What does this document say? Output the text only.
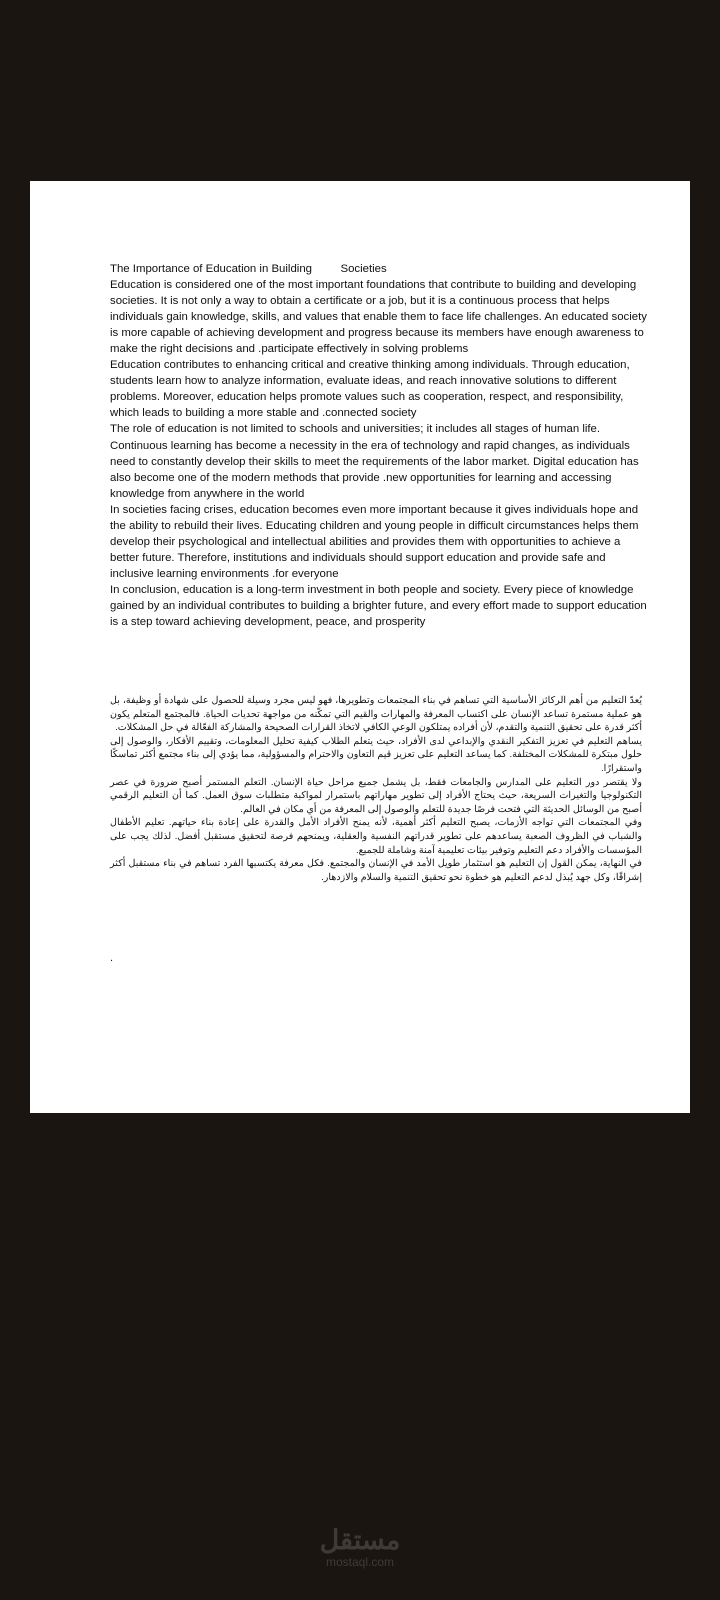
The Importance of Education in Building         Societies

Education is considered one of the most important foundations that contribute to building and developing societies. It is not only a way to obtain a certificate or a job, but it is a continuous process that helps individuals gain knowledge, skills, and values that enable them to face life challenges. An educated society is more capable of achieving development and progress because its members have enough awareness to make the right decisions and .participate effectively in solving problems

Education contributes to enhancing critical and creative thinking among individuals. Through education, students learn how to analyze information, evaluate ideas, and reach innovative solutions to different problems. Moreover, education helps promote values such as cooperation, respect, and responsibility, which leads to building a more stable and .connected society

The role of education is not limited to schools and universities; it includes all stages of human life. Continuous learning has become a necessity in the era of technology and rapid changes, as individuals need to constantly develop their skills to meet the requirements of the labor market. Digital education has also become one of the modern methods that provide .new opportunities for learning and accessing knowledge from anywhere in the world

In societies facing crises, education becomes even more important because it gives individuals hope and the ability to rebuild their lives. Educating children and young people in difficult circumstances helps them develop their psychological and intellectual abilities and provides them with opportunities to achieve a better future. Therefore, institutions and individuals should support education and provide safe and inclusive learning environments .for everyone

In conclusion, education is a long-term investment in both people and society. Every piece of knowledge gained by an individual contributes to building a brighter future, and every effort made to support education is a step toward achieving development, peace, and prosperity

يُعدّ التعليم من أهم الركائز الأساسية التي تساهم في بناء المجتمعات وتطويرها، فهو ليس مجرد وسيلة للحصول على شهادة أو وظيفة، بل هو عملية مستمرة تساعد الإنسان على اكتساب المعرفة والمهارات والقيم التي تمكّنه من مواجهة تحديات الحياة. فالمجتمع المتعلم يكون أكثر قدرة على تحقيق التنمية والتقدم، لأن أفراده يمتلكون الوعي الكافي لاتخاذ القرارات الصحيحة والمشاركة الفعّالة في حل المشكلات.

يساهم التعليم في تعزيز التفكير النقدي والإبداعي لدى الأفراد، حيث يتعلم الطلاب كيفية تحليل المعلومات، وتقييم الأفكار، والوصول إلى حلول مبتكرة للمشكلات المختلفة. كما يساعد التعليم على تعزيز قيم التعاون والاحترام والمسؤولية، مما يؤدي إلى بناء مجتمع أكثر تماسكًا واستقرارًا.

ولا يقتصر دور التعليم على المدارس والجامعات فقط، بل يشمل جميع مراحل حياة الإنسان. التعلم المستمر أصبح ضرورة في عصر التكنولوجيا والتغيرات السريعة، حيث يحتاج الأفراد إلى تطوير مهاراتهم باستمرار لمواكبة متطلبات سوق العمل. كما أن التعليم الرقمي أصبح من الوسائل الحديثة التي فتحت فرصًا جديدة للتعلم والوصول إلى المعرفة من أي مكان في العالم.

وفي المجتمعات التي تواجه الأزمات، يصبح التعليم أكثر أهمية، لأنه يمنح الأفراد الأمل والقدرة على إعادة بناء حياتهم. تعليم الأطفال والشباب في الظروف الصعبة يساعدهم على تطوير قدراتهم النفسية والعقلية، ويمنحهم فرصة لتحقيق مستقبل أفضل. لذلك يجب على المؤسسات والأفراد دعم التعليم وتوفير بيئات تعليمية آمنة وشاملة للجميع.

في النهاية، يمكن القول إن التعليم هو استثمار طويل الأمد في الإنسان والمجتمع. فكل معرفة يكتسبها الفرد تساهم في بناء مستقبل أكثر إشراقًا، وكل جهد يُبذل لدعم التعليم هو خطوة نحو تحقيق التنمية والسلام والازدهار.

.
مستقل
mostaql.com
